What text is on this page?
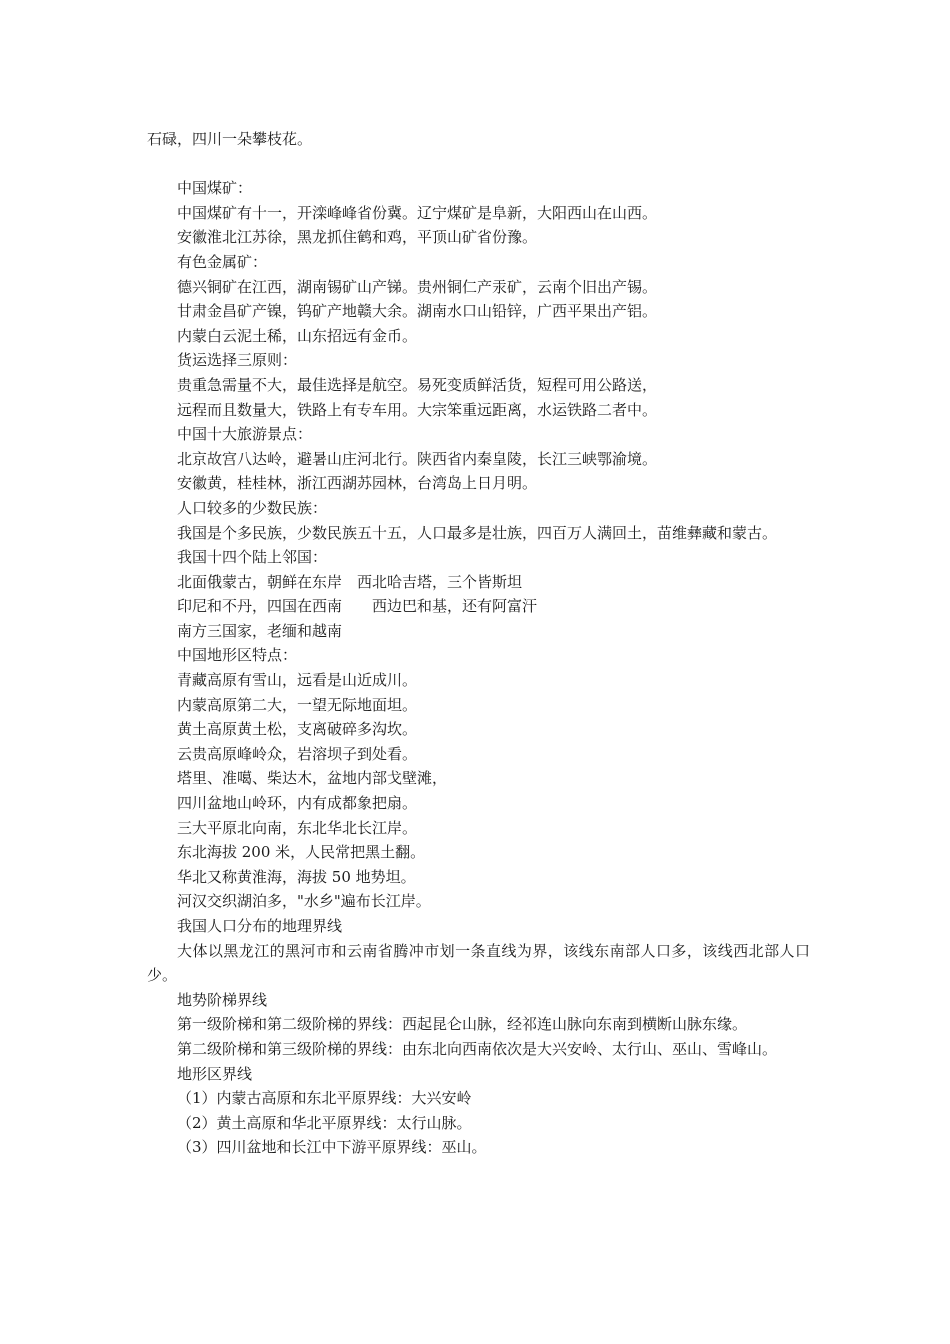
石碌，四川一朵攀枝花。

中国煤矿：

中国煤矿有十一，开滦峰峰省份冀。辽宁煤矿是阜新，大阳西山在山西。

安徽淮北江苏徐，黑龙抓住鹤和鸡，平顶山矿省份豫。

有色金属矿：

德兴铜矿在江西，湖南锡矿山产锑。贵州铜仁产汞矿，云南个旧出产锡。

甘肃金昌矿产镍，钨矿产地赣大余。湖南水口山铅锌，广西平果出产铝。

内蒙白云泥土稀，山东招远有金币。

货运选择三原则：

贵重急需量不大，最佳选择是航空。易死变质鲜活货，短程可用公路送，

远程而且数量大，铁路上有专车用。大宗笨重远距离，水运铁路二者中。

中国十大旅游景点：

北京故宫八达岭，避暑山庄河北行。陕西省内秦皇陵，长江三峡鄂渝境。

安徽黄，桂桂林，浙江西湖苏园林，台湾岛上日月明。

人口较多的少数民族：

我国是个多民族，少数民族五十五，人口最多是壮族，四百万人满回土，苗维彝藏和蒙古。

我国十四个陆上邻国：

北面俄蒙古，朝鲜在东岸　西北哈吉塔，三个皆斯坦

印尼和不丹，四国在西南　　西边巴和基，还有阿富汗

南方三国家，老缅和越南

中国地形区特点：

青藏高原有雪山，远看是山近成川。

内蒙高原第二大，一望无际地面坦。

黄土高原黄土松，支离破碎多沟坎。

云贵高原峰岭众，岩溶坝子到处看。

塔里、准噶、柴达木，盆地内部戈壁滩，

四川盆地山岭环，内有成都象把扇。

三大平原北向南，东北华北长江岸。

东北海拔 200 米，人民常把黑土翻。

华北又称黄淮海，海拔 50 地势坦。

河汉交织湖泊多，"水乡"遍布长江岸。

我国人口分布的地理界线

大体以黑龙江的黑河市和云南省腾冲市划一条直线为界，该线东南部人口多，该线西北部人口少。

地势阶梯界线

第一级阶梯和第二级阶梯的界线：西起昆仑山脉，经祁连山脉向东南到横断山脉东缘。

第二级阶梯和第三级阶梯的界线：由东北向西南依次是大兴安岭、太行山、巫山、雪峰山。

地形区界线

（1）内蒙古高原和东北平原界线：大兴安岭

（2）黄土高原和华北平原界线：太行山脉。

（3）四川盆地和长江中下游平原界线：巫山。
